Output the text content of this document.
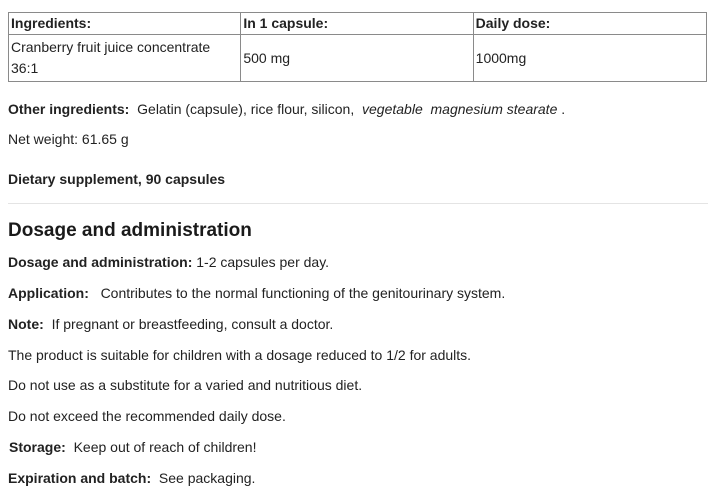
Ingredients:	In 1 capsule:	Daily dose:
Cranberry fruit juice concentrate 36:1	500 mg	1000mg
Other ingredients: Gelatin (capsule), rice flour, silicon, vegetable  magnesium stearate .
Net weight: 61.65 g
Dietary supplement, 90 capsules
Dosage and administration
Dosage and administration: 1-2 capsules per day.
Application: Contributes to the normal functioning of the genitourinary system.
Note: If pregnant or breastfeeding, consult a doctor.
The product is suitable for children with a dosage reduced to 1/2 for adults.
Do not use as a substitute for a varied and nutritious diet.
Do not exceed the recommended daily dose.
Storage: Keep out of reach of children!
Expiration and batch: See packaging.
